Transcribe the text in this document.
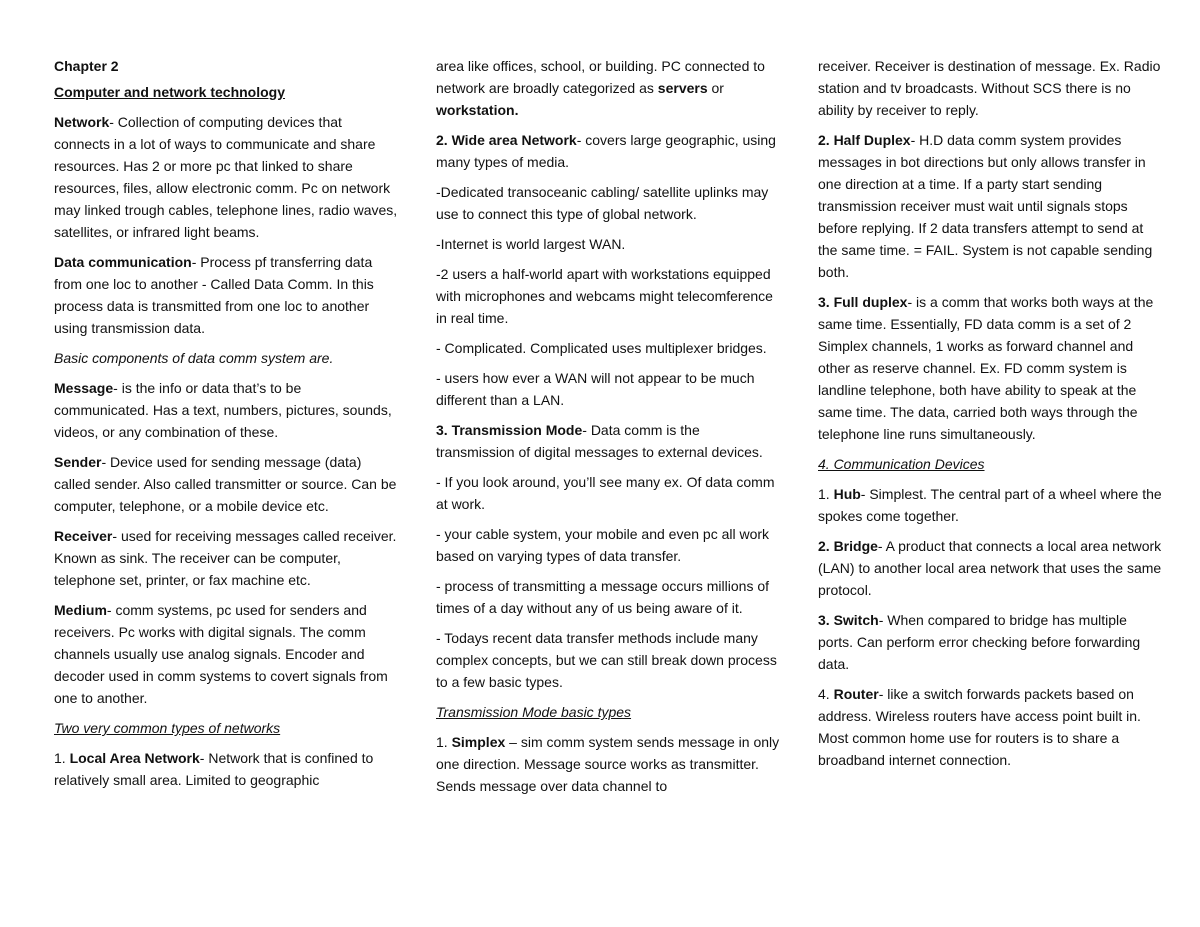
Chapter 2

Computer and network technology

Network- Collection of computing devices that connects in a lot of ways to communicate and share resources. Has 2 or more pc that linked to share resources, files, allow electronic comm. Pc on network may linked trough cables, telephone lines, radio waves, satellites, or infrared light beams.

Data communication- Process pf transferring data from one loc to another - Called Data Comm. In this process data is transmitted from one loc to another using transmission data.

Basic components of data comm system are.

Message- is the info or data that’s to be communicated. Has a text, numbers, pictures, sounds, videos, or any combination of these.

Sender- Device used for sending message (data) called sender. Also called transmitter or source. Can be computer, telephone, or a mobile device etc.

Receiver- used for receiving messages called receiver. Known as sink. The receiver can be computer, telephone set, printer, or fax machine etc.

Medium- comm systems, pc used for senders and receivers. Pc works with digital signals. The comm channels usually use analog signals. Encoder and decoder used in comm systems to covert signals from one to another.

Two very common types of networks

1. Local Area Network- Network that is confined to relatively small area. Limited to geographic

area like offices, school, or building. PC connected to network are broadly categorized as servers or workstation.

2. Wide area Network- covers large geographic, using many types of media.

-Dedicated transoceanic cabling/ satellite uplinks may use to connect this type of global network.

-Internet is world largest WAN.

-2 users a half-world apart with workstations equipped with microphones and webcams might telecomference in real time.

- Complicated. Complicated uses multiplexer bridges.

- users how ever a WAN will not appear to be much different than a LAN.

3. Transmission Mode- Data comm is the transmission of digital messages to external devices.

- If you look around, you’ll see many ex. Of data comm at work.

- your cable system, your mobile and even pc all work based on varying types of data transfer.

- process of transmitting a message occurs millions of times of a day without any of us being aware of it.

- Todays recent data transfer methods include many complex concepts, but we can still break down process to a few basic types.

Transmission Mode basic types

1. Simplex – sim comm system sends message in only one direction. Message source works as transmitter. Sends message over data channel to

receiver. Receiver is destination of message. Ex. Radio station and tv broadcasts. Without SCS there is no ability by receiver to reply.

2. Half Duplex- H.D data comm system provides messages in bot directions but only allows transfer in one direction at a time. If a party start sending transmission receiver must wait until signals stops before replying. If 2 data transfers attempt to send at the same time. = FAIL. System is not capable sending both.

3. Full duplex- is a comm that works both ways at the same time. Essentially, FD data comm is a set of 2 Simplex channels, 1 works as forward channel and other as reserve channel. Ex. FD comm system is landline telephone, both have ability to speak at the same time. The data, carried both ways through the telephone line runs simultaneously.

4. Communication Devices

1. Hub- Simplest. The central part of a wheel where the spokes come together.

2. Bridge- A product that connects a local area network (LAN) to another local area network that uses the same protocol.

3. Switch- When compared to bridge has multiple ports. Can perform error checking before forwarding data.

4. Router- like a switch forwards packets based on address. Wireless routers have access point built in. Most common home use for routers is to share a broadband internet connection.
